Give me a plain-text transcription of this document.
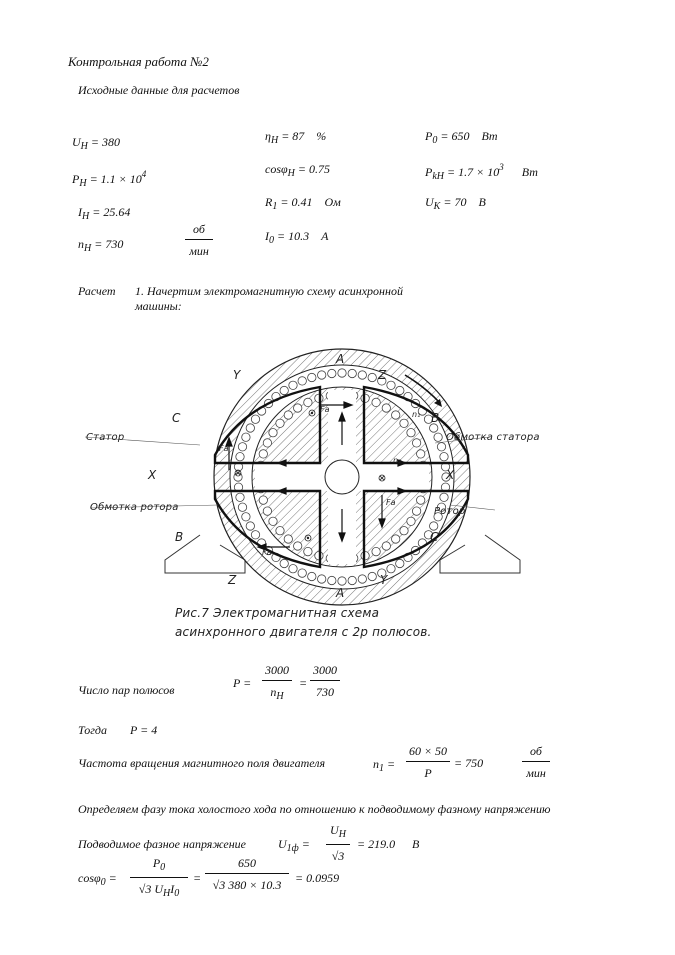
Контрольная работа №2
Исходные данные для расчетов
$U_H = 380$
$P_H = 1.1 \times 10^4$
$I_H = 25.64$
$n_H = 730$
об
мин
$\eta_H = 87$ %
cosφ$_H$ = 0.75
$R_1 = 0.41$ Ом
$I_0 = 10.3$ А
$P_0 = 650$ Вт
$P_{kH} = 1.7 \times 10^3$ Вт
$U_K = 70$ В
Расчет 1. Начертим электромагнитную схему асинхронной
машины:
A
A
Y
Y
Z
Z
C
C
B
B
X	X
Fа
Fа
Fа
Fа
n₁
n₂
Статор
Обмотка ротора
Обмотка статора
Ротор
Рис.7 Электромагнитная схема
асинхронного двигателя с 2р полюсов.
Число пар полюсов	P =
3000
$n_H$
=
3000
730
Тогда P = 4
Частота вращения магнитного поля двигателя	$n_1$ =
60 × 50
P
= 750
об
мин
Определяем фазу тока холостого хода по отношению к подводимому фазному напряжению
Подводимое фазное напряжение	$U_{1ф}$ =
$U_H$
√3
= 219.0 В
cosφ$_0$ =
$P_0$
√3 $U_HI_0$
=
650
√3 380 × 10.3	= 0.0959
